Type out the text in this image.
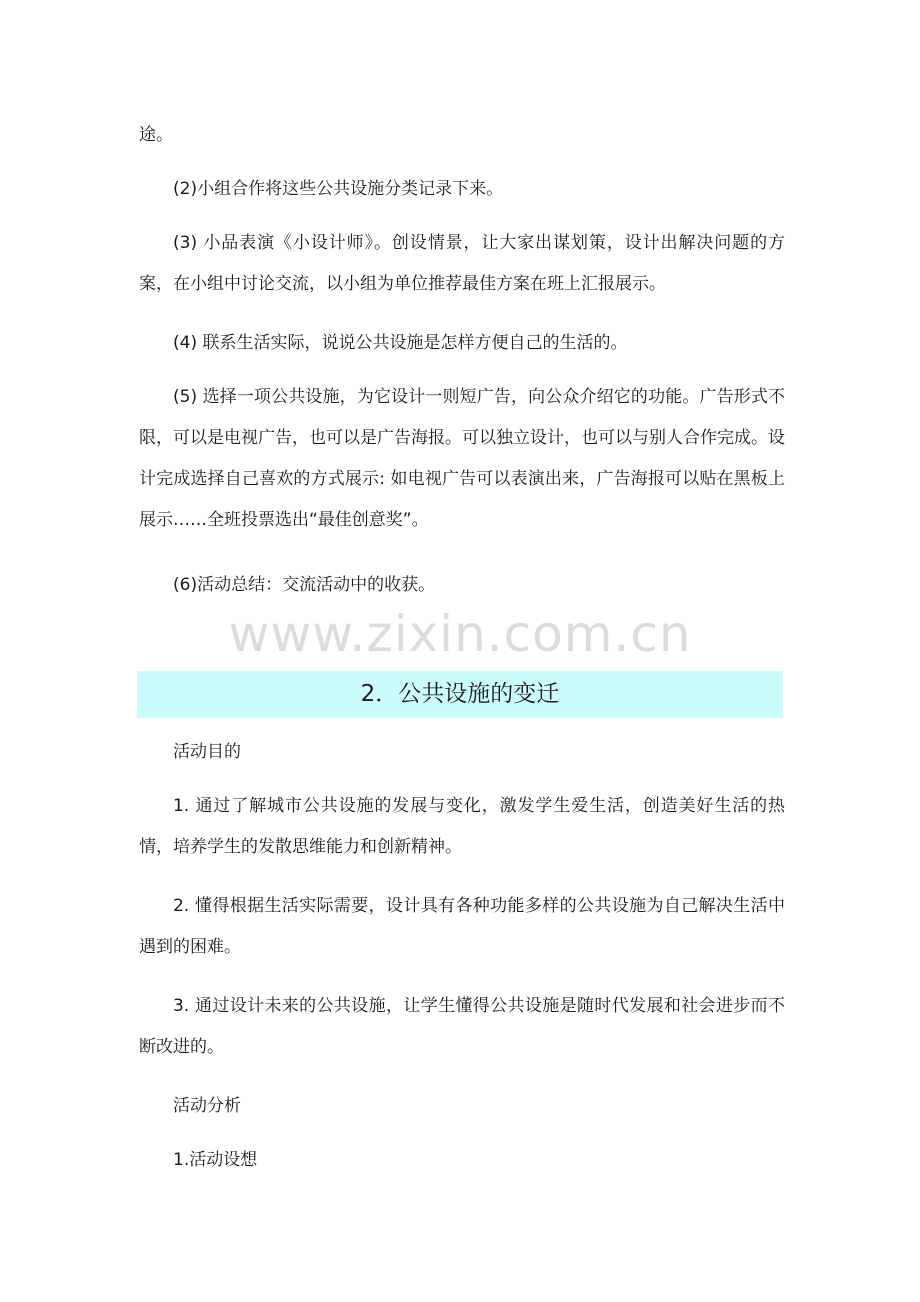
途。

(2)小组合作将这些公共设施分类记录下来。

(3) 小品表演《小设计师》。创设情景，让大家出谋划策，设计出解决问题的方案，在小组中讨论交流，以小组为单位推荐最佳方案在班上汇报展示。

(4) 联系生活实际，说说公共设施是怎样方便自己的生活的。

(5) 选择一项公共设施，为它设计一则短广告，向公众介绍它的功能。广告形式不限，可以是电视广告，也可以是广告海报。可以独立设计，也可以与别人合作完成。设计完成选择自己喜欢的方式展示: 如电视广告可以表演出来，广告海报可以贴在黑板上展示……全班投票选出“最佳创意奖”。

(6)活动总结：交流活动中的收获。

www.zixin.com.cn
2．公共设施的变迁

活动目的

1. 通过了解城市公共设施的发展与变化，激发学生爱生活，创造美好生活的热情，培养学生的发散思维能力和创新精神。

2. 懂得根据生活实际需要，设计具有各种功能多样的公共设施为自己解决生活中遇到的困难。

3. 通过设计未来的公共设施，让学生懂得公共设施是随时代发展和社会进步而不断改进的。

活动分析

1.活动设想
